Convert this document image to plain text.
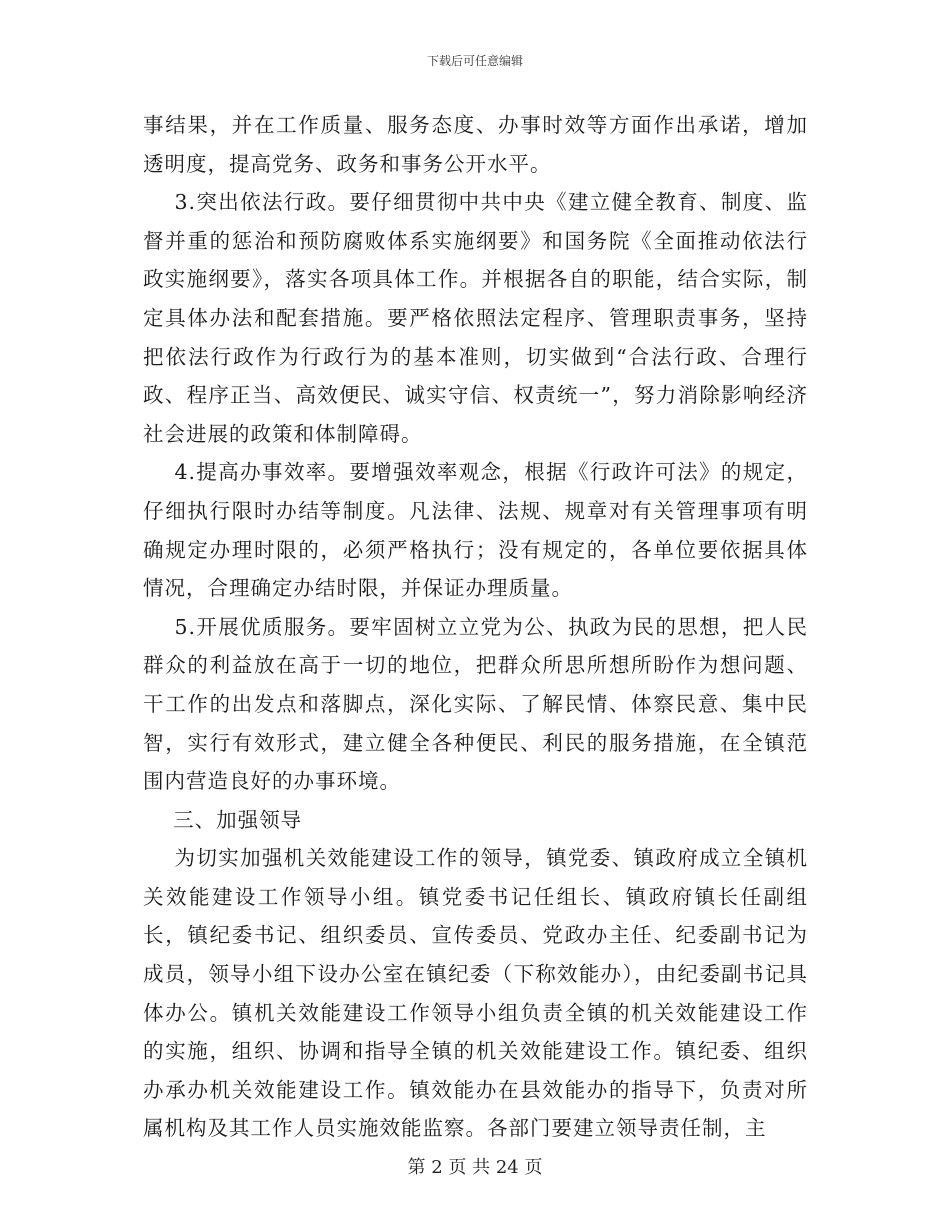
下载后可任意编辑

事结果，并在工作质量、服务态度、办事时效等方面作出承诺，增加透明度，提高党务、政务和事务公开水平。

3.突出依法行政。要仔细贯彻中共中央《建立健全教育、制度、监督并重的惩治和预防腐败体系实施纲要》和国务院《全面推动依法行政实施纲要》，落实各项具体工作。并根据各自的职能，结合实际，制定具体办法和配套措施。要严格依照法定程序、管理职责事务，坚持把依法行政作为行政行为的基本准则，切实做到“合法行政、合理行政、程序正当、高效便民、诚实守信、权责统一”，努力消除影响经济社会进展的政策和体制障碍。

4.提高办事效率。要增强效率观念，根据《行政许可法》的规定，仔细执行限时办结等制度。凡法律、法规、规章对有关管理事项有明确规定办理时限的，必须严格执行；没有规定的，各单位要依据具体情况，合理确定办结时限，并保证办理质量。

5.开展优质服务。要牢固树立立党为公、执政为民的思想，把人民群众的利益放在高于一切的地位，把群众所思所想所盼作为想问题、干工作的出发点和落脚点，深化实际、了解民情、体察民意、集中民智，实行有效形式，建立健全各种便民、利民的服务措施，在全镇范围内营造良好的办事环境。

三、加强领导

为切实加强机关效能建设工作的领导，镇党委、镇政府成立全镇机关效能建设工作领导小组。镇党委书记任组长、镇政府镇长任副组长，镇纪委书记、组织委员、宣传委员、党政办主任、纪委副书记为成员，领导小组下设办公室在镇纪委（下称效能办），由纪委副书记具体办公。镇机关效能建设工作领导小组负责全镇的机关效能建设工作的实施，组织、协调和指导全镇的机关效能建设工作。镇纪委、组织办承办机关效能建设工作。镇效能办在县效能办的指导下，负责对所属机构及其工作人员实施效能监察。各部门要建立领导责任制，主

第 2 页 共 24 页
